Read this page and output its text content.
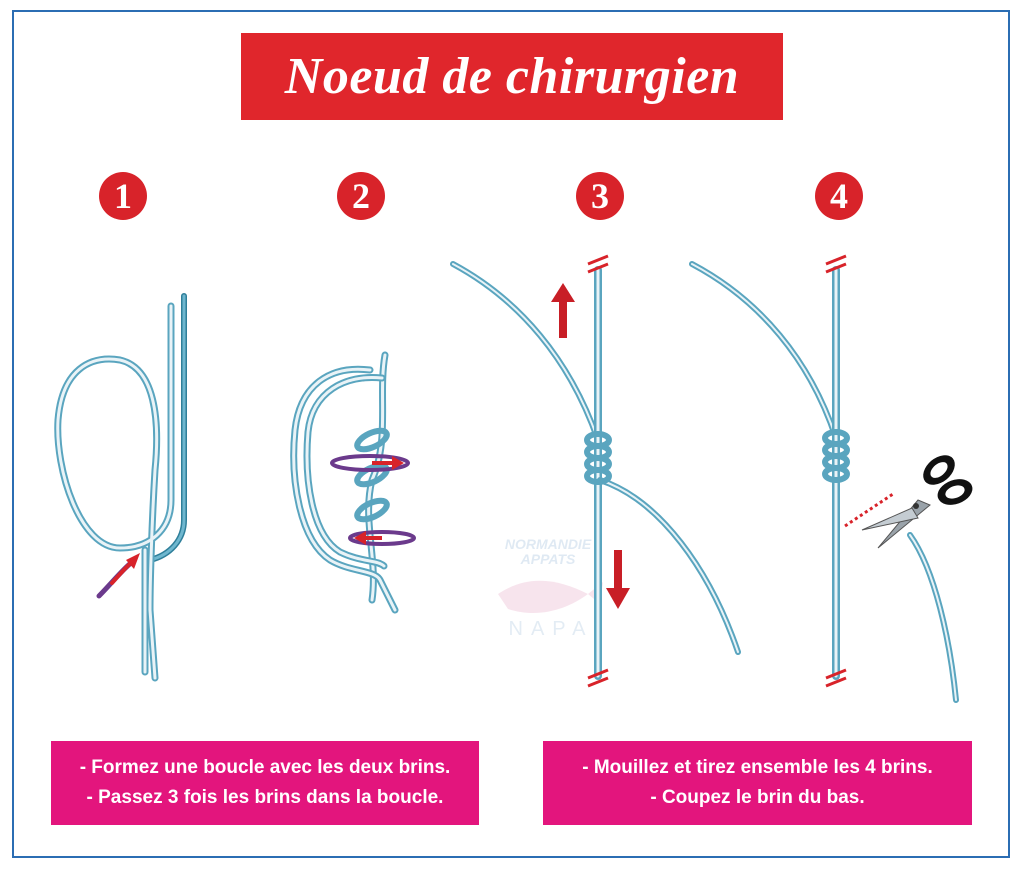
Noeud de chirurgien
1	2	3	4
NORMANDIE
APPATS
NAPA
- Formez une boucle avec les deux brins.
- Passez 3 fois les brins dans la boucle.
- Mouillez et tirez ensemble les 4 brins.
- Coupez le brin du bas.
